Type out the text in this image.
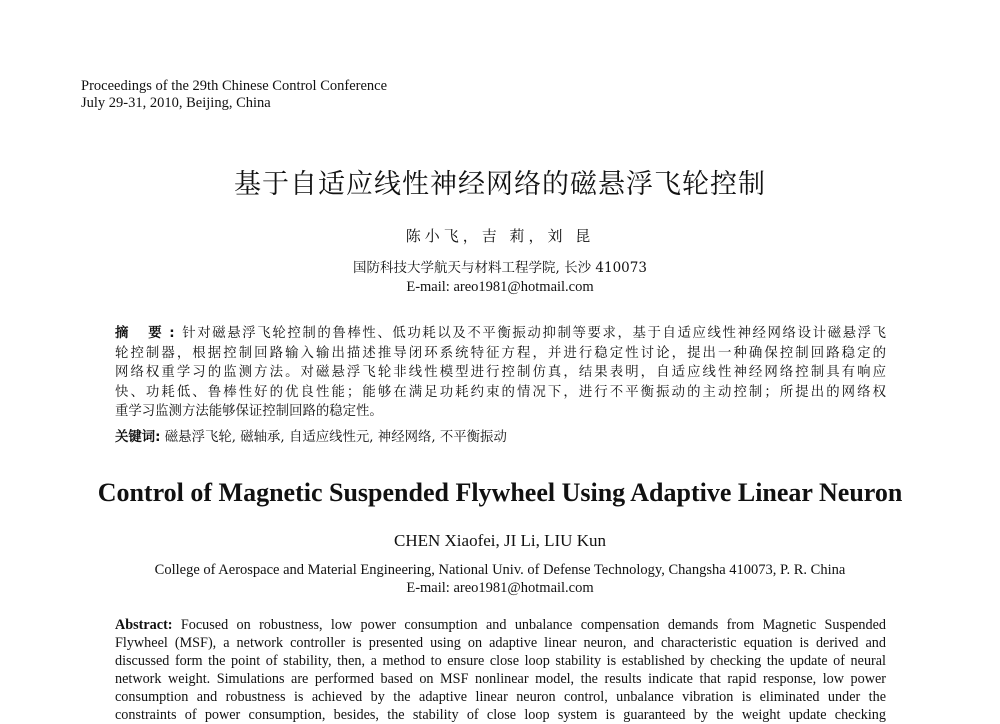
Proceedings of the 29th Chinese Control Conference
July 29-31, 2010, Beijing, China
基于自适应线性神经网络的磁悬浮飞轮控制
陈小飞，吉 莉，刘 昆
国防科技大学航天与材料工程学院, 长沙 410073
E-mail: areo1981@hotmail.com
摘 要:针对磁悬浮飞轮控制的鲁棒性、低功耗以及不平衡振动抑制等要求，基于自适应线性神经网络设计磁悬浮飞
轮控制器，根据控制回路输入输出描述推导闭环系统特征方程，并进行稳定性讨论，提出一种确保控制回路稳定的
网络权重学习的监测方法。对磁悬浮飞轮非线性模型进行控制仿真，结果表明，自适应线性神经网络控制具有响应
快、功耗低、鲁棒性好的优良性能；能够在满足功耗约束的情况下，进行不平衡振动的主动控制；所提出的网络权
重学习监测方法能够保证控制回路的稳定性。
关键词: 磁悬浮飞轮, 磁轴承, 自适应线性元, 神经网络, 不平衡振动
Control of Magnetic Suspended Flywheel Using Adaptive Linear Neuron
CHEN Xiaofei, JI Li, LIU Kun
College of Aerospace and Material Engineering, National Univ. of Defense Technology, Changsha 410073, P. R. China
E-mail: areo1981@hotmail.com
Abstract: Focused on robustness, low power consumption and unbalance compensation demands from Magnetic Suspended
Flywheel (MSF), a network controller is presented using on adaptive linear neuron, and characteristic equation is derived and
discussed form the point of stability, then, a method to ensure close loop stability is established by checking the update of neural
network weight. Simulations are performed based on MSF nonlinear model, the results indicate that rapid response, low power
consumption and robustness is achieved by the adaptive linear neuron control, unbalance vibration is eliminated under the
constraints of power consumption, besides, the stability of close loop system is guaranteed by the weight update checking
